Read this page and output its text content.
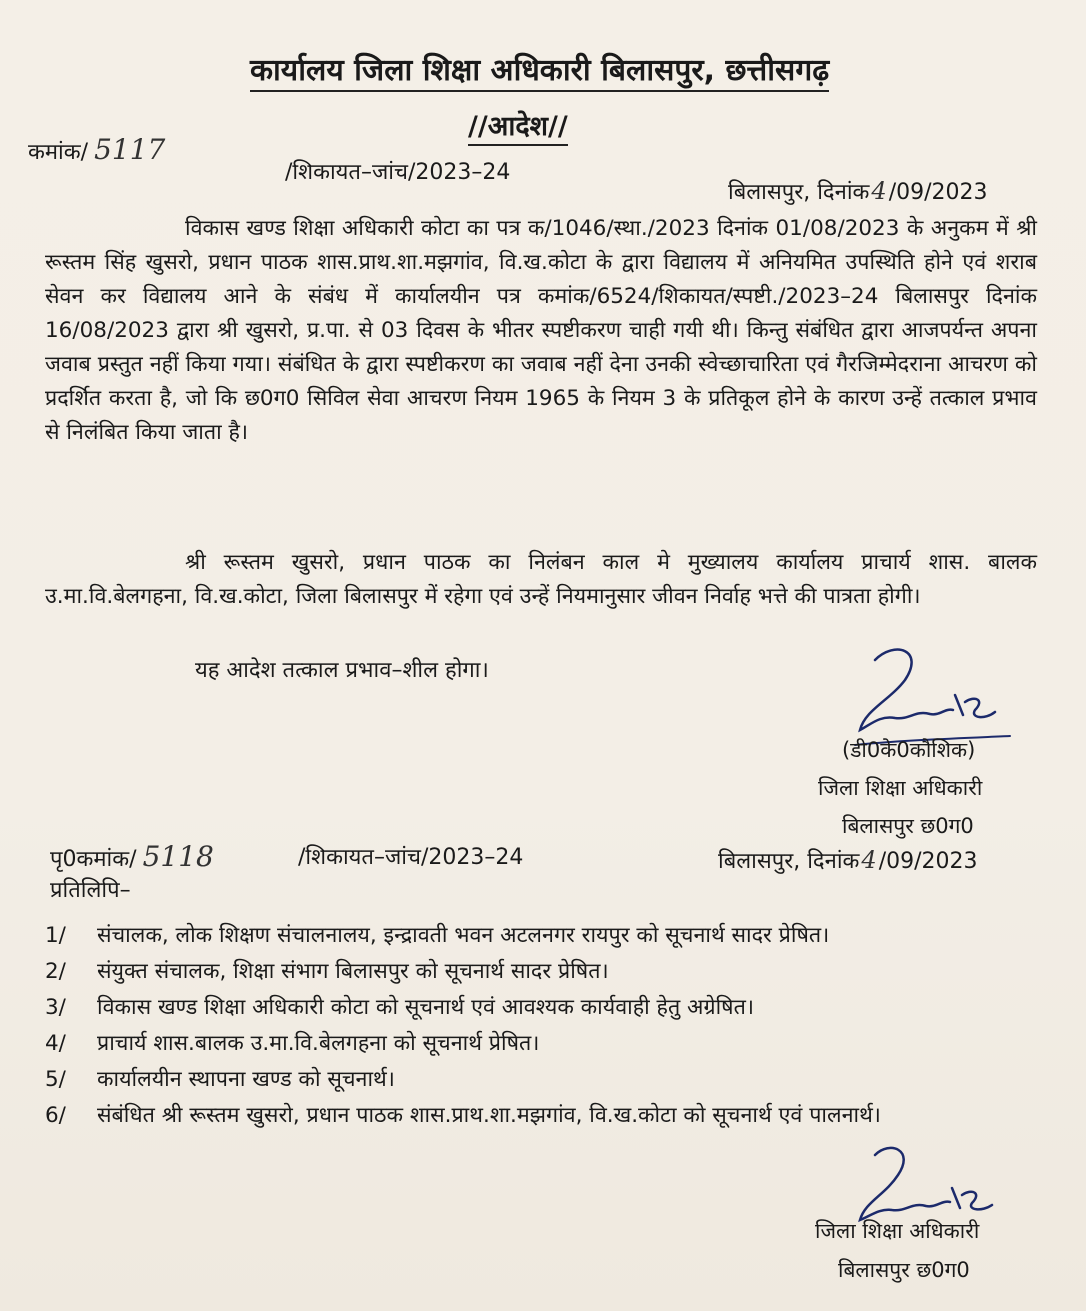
कार्यालय जिला शिक्षा अधिकारी बिलासपुर, छत्तीसगढ़
//आदेश//
कमांक/ 5117
/शिकायत–जांच/2023–24
बिलासपुर, दिनांक4/09/2023

विकास खण्ड शिक्षा अधिकारी कोटा का पत्र क/1046/स्था./2023 दिनांक 01/08/2023 के अनुकम में श्री रूस्तम सिंह खुसरो, प्रधान पाठक शास.प्राथ.शा.मझगांव, वि.ख.कोटा के द्वारा विद्यालय में अनियमित उपस्थिति होने एवं शराब सेवन कर विद्यालय आने के संबंध में कार्यालयीन पत्र कमांक/6524/शिकायत/स्पष्टी./2023–24 बिलासपुर दिनांक 16/08/2023 द्वारा श्री खुसरो, प्र.पा. से 03 दिवस के भीतर स्पष्टीकरण चाही गयी थी। किन्तु संबंधित द्वारा आजपर्यन्त अपना जवाब प्रस्तुत नहीं किया गया। संबंधित के द्वारा स्पष्टीकरण का जवाब नहीं देना उनकी स्वेच्छाचारिता एवं गैरजिम्मेदराना आचरण को प्रदर्शित करता है, जो कि छ0ग0 सिविल सेवा आचरण नियम 1965 के नियम 3 के प्रतिकूल होने के कारण उन्हें तत्काल प्रभाव से निलंबित किया जाता है।

श्री रूस्तम खुसरो, प्रधान पाठक का निलंबन काल मे मुख्यालय कार्यालय प्राचार्य शास. बालक उ.मा.वि.बेलगहना, वि.ख.कोटा, जिला बिलासपुर में रहेगा एवं उन्हें नियमानुसार जीवन निर्वाह भत्ते की पात्रता होगी।

यह आदेश तत्काल प्रभाव–शील होगा।
(डी0के0कौशिक)
जिला शिक्षा अधिकारी
बिलासपुर छ0ग0
पृ0कमांक/ 5118	/शिकायत–जांच/2023–24	बिलासपुर, दिनांक4/09/2023
प्रतिलिपि–
1/ संचालक, लोक शिक्षण संचालनालय, इन्द्रावती भवन अटलनगर रायपुर को सूचनार्थ सादर प्रेषित।
2/ संयुक्त संचालक, शिक्षा संभाग बिलासपुर को सूचनार्थ सादर प्रेषित।
3/ विकास खण्ड शिक्षा अधिकारी कोटा को सूचनार्थ एवं आवश्यक कार्यवाही हेतु अग्रेषित।
4/ प्राचार्य शास.बालक उ.मा.वि.बेलगहना को सूचनार्थ प्रेषित।
5/ कार्यालयीन स्थापना खण्ड को सूचनार्थ।
6/ संबंधित श्री रूस्तम खुसरो, प्रधान पाठक शास.प्राथ.शा.मझगांव, वि.ख.कोटा को सूचनार्थ एवं पालनार्थ।
जिला शिक्षा अधिकारी
बिलासपुर छ0ग0
